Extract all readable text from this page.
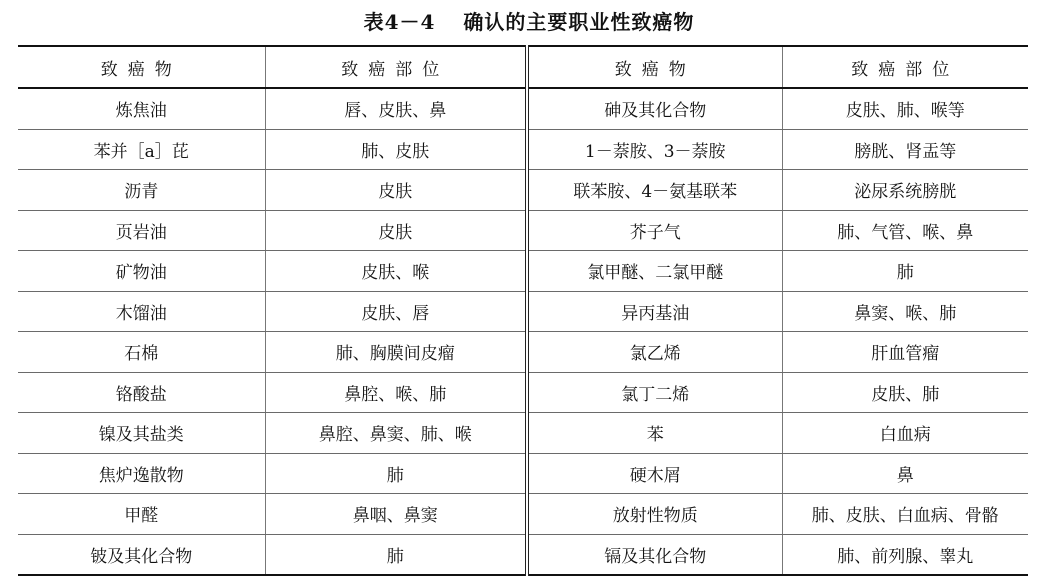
表4－4 确认的主要职业性致癌物
致癌物	致癌部位	致癌物	致癌部位
炼焦油	唇、皮肤、鼻	砷及其化合物	皮肤、肺、喉等
苯并［a］芘	肺、皮肤	1－萘胺、3－萘胺	膀胱、肾盂等
沥青	皮肤	联苯胺、4－氨基联苯	泌尿系统膀胱
页岩油	皮肤	芥子气	肺、气管、喉、鼻
矿物油	皮肤、喉	氯甲醚、二氯甲醚	肺
木馏油	皮肤、唇	异丙基油	鼻窦、喉、肺
石棉	肺、胸膜间皮瘤	氯乙烯	肝血管瘤
铬酸盐	鼻腔、喉、肺	氯丁二烯	皮肤、肺
镍及其盐类	鼻腔、鼻窦、肺、喉	苯	白血病
焦炉逸散物	肺	硬木屑	鼻
甲醛	鼻咽、鼻窦	放射性物质	肺、皮肤、白血病、骨骼
铍及其化合物	肺	镉及其化合物	肺、前列腺、睾丸
